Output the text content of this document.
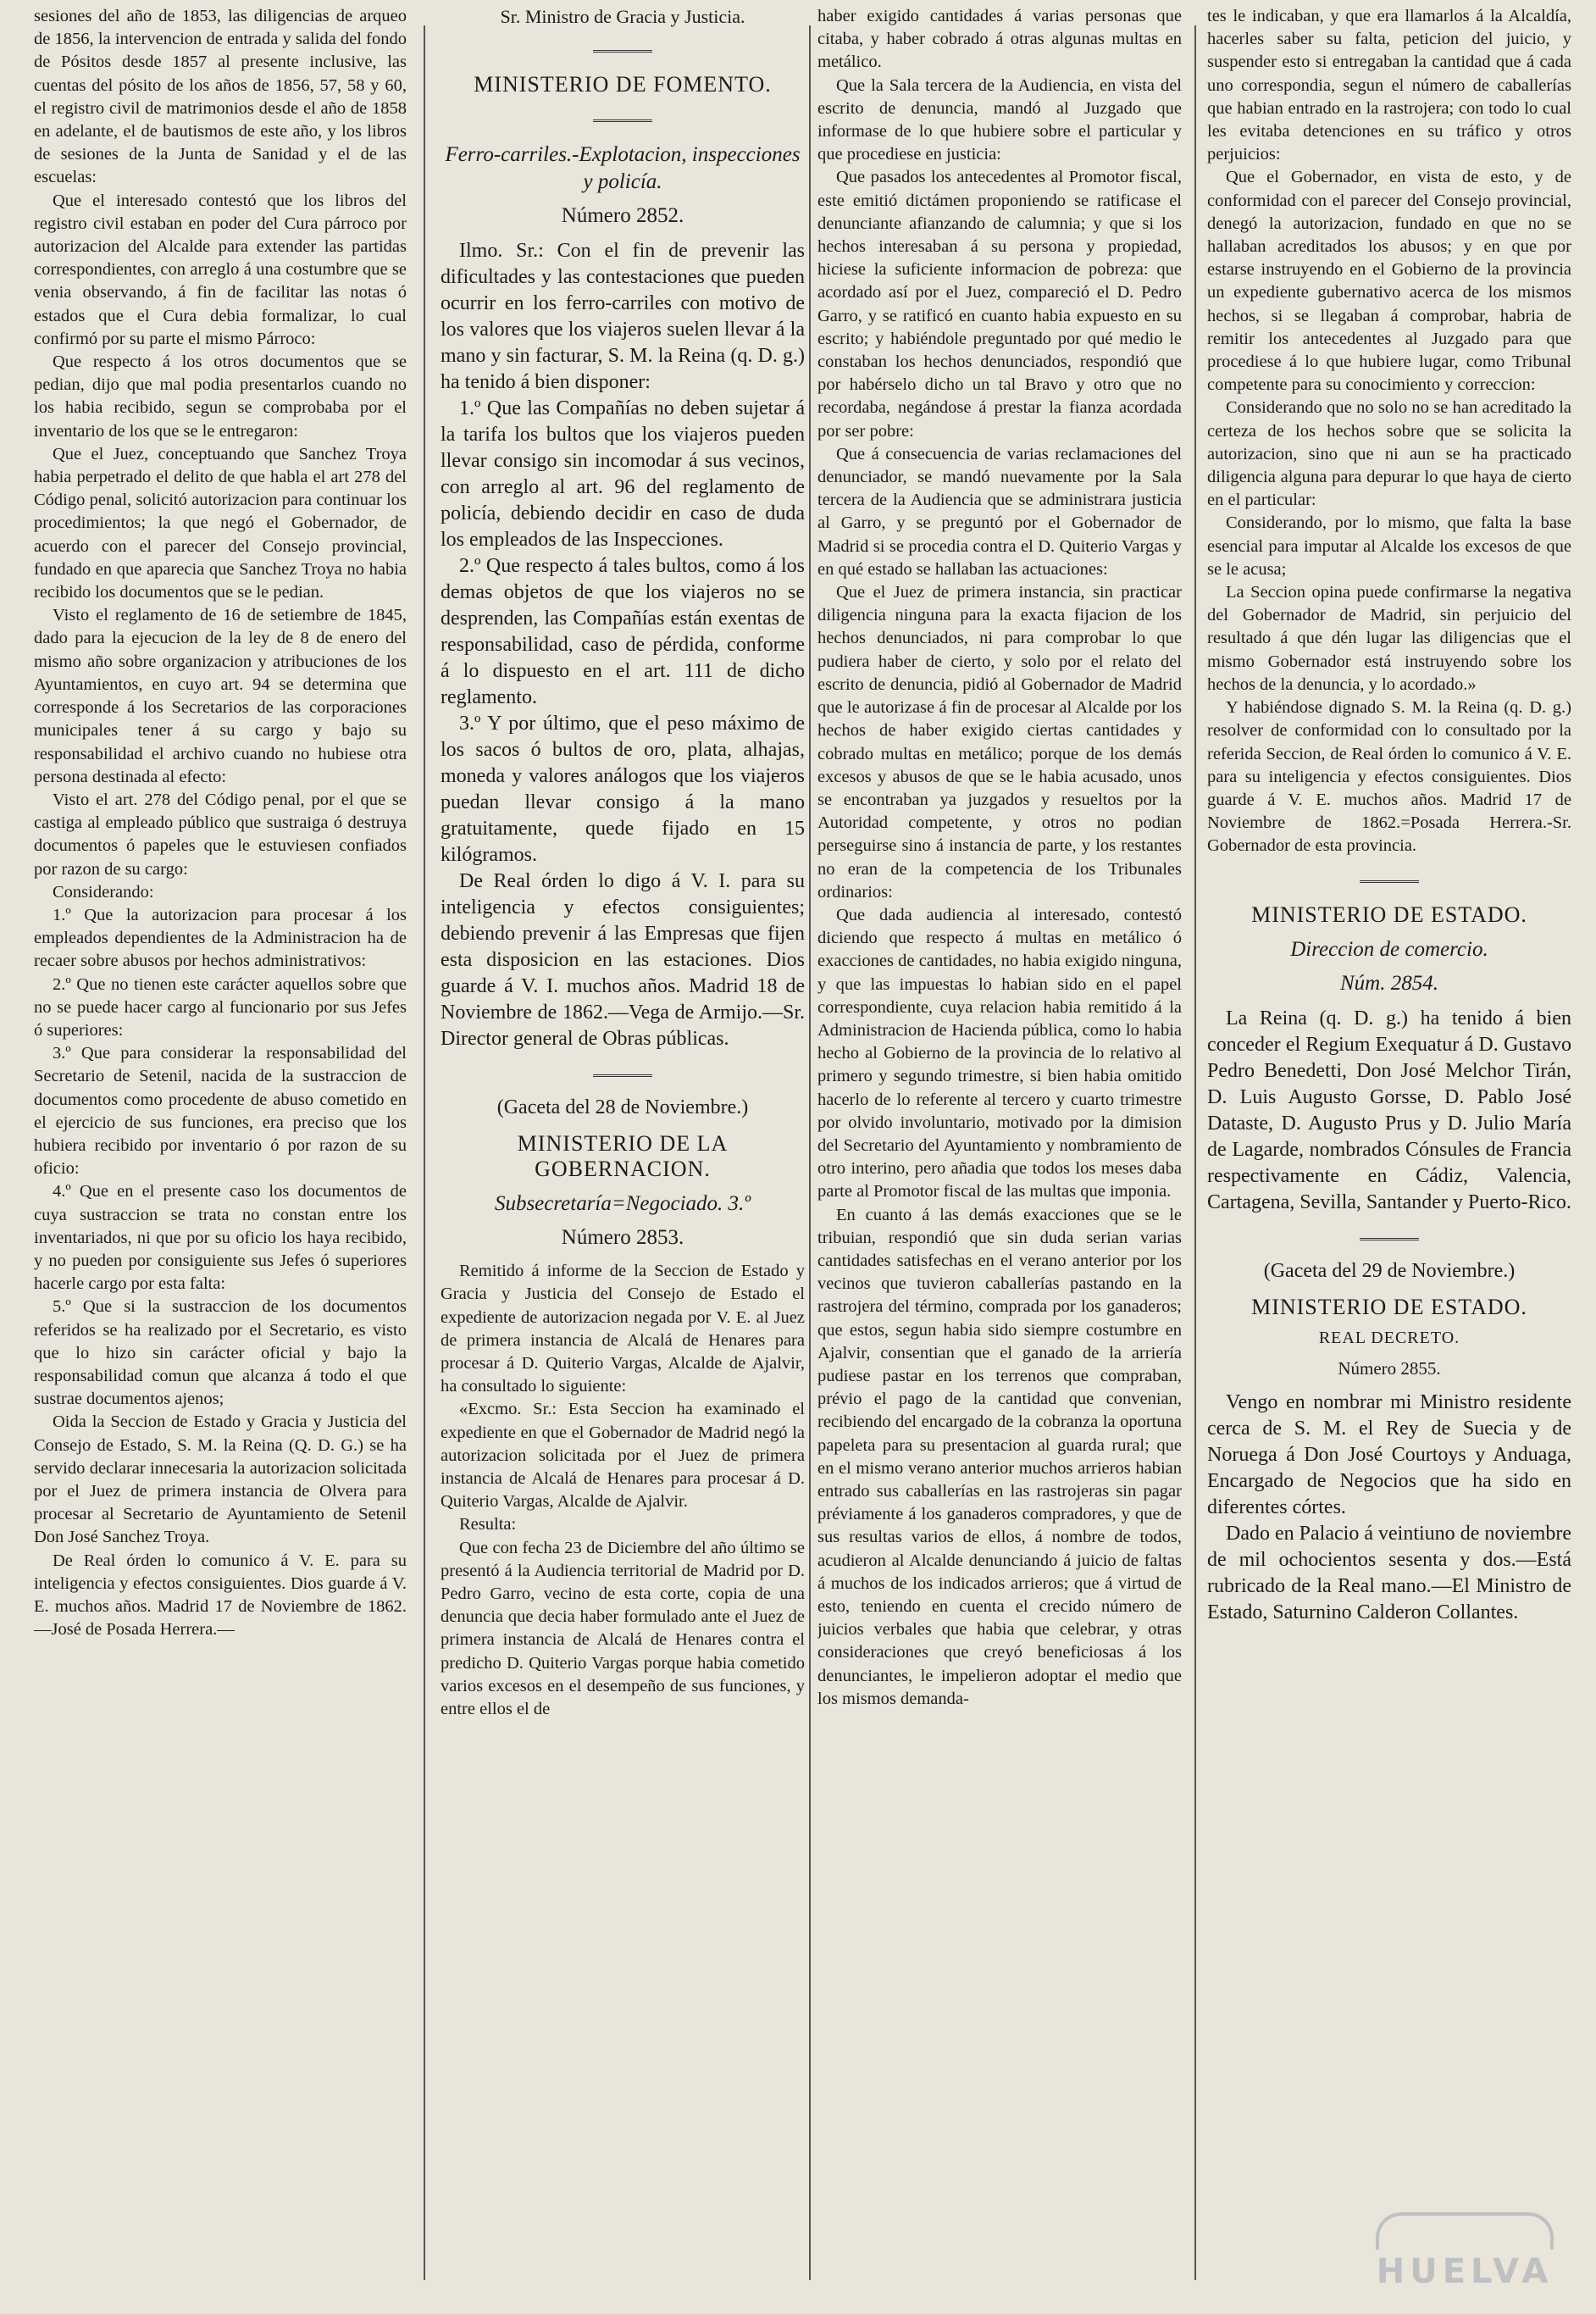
sesiones del año de 1853, las diligencias de arqueo de 1856, la intervencion de entrada y salida del fondo de Pósitos desde 1857 al presente inclusive, las cuentas del pósito de los años de 1856, 57, 58 y 60, el registro civil de matrimonios desde el año de 1858 en adelante, el de bautismos de este año, y los libros de sesiones de la Junta de Sanidad y el de las escuelas:

Que el interesado contestó que los libros del registro civil estaban en poder del Cura párroco por autorizacion del Alcalde para extender las partidas correspondientes, con arreglo á una costumbre que se venia observando, á fin de facilitar las notas ó estados que el Cura debia formalizar, lo cual confirmó por su parte el mismo Párroco:

Que respecto á los otros documentos que se pedian, dijo que mal podia presentarlos cuando no los habia recibido, segun se comprobaba por el inventario de los que se le entregaron:

Que el Juez, conceptuando que Sanchez Troya habia perpetrado el delito de que habla el art 278 del Código penal, solicitó autorizacion para continuar los procedimientos; la que negó el Gobernador, de acuerdo con el parecer del Consejo provincial, fundado en que aparecia que Sanchez Troya no habia recibido los documentos que se le pedian.

Visto el reglamento de 16 de setiembre de 1845, dado para la ejecucion de la ley de 8 de enero del mismo año sobre organizacion y atribuciones de los Ayuntamientos, en cuyo art. 94 se determina que corresponde á los Secretarios de las corporaciones municipales tener á su cargo y bajo su responsabilidad el archivo cuando no hubiese otra persona destinada al efecto:

Visto el art. 278 del Código penal, por el que se castiga al empleado público que sustraiga ó destruya documentos ó papeles que le estuviesen confiados por razon de su cargo:

Considerando:

1.º Que la autorizacion para procesar á los empleados dependientes de la Administracion ha de recaer sobre abusos por hechos administrativos:

2.º Que no tienen este carácter aquellos sobre que no se puede hacer cargo al funcionario por sus Jefes ó superiores:

3.º Que para considerar la responsabilidad del Secretario de Setenil, nacida de la sustraccion de documentos como procedente de abuso cometido en el ejercicio de sus funciones, era preciso que los hubiera recibido por inventario ó por razon de su oficio:

4.º Que en el presente caso los documentos de cuya sustraccion se trata no constan entre los inventariados, ni que por su oficio los haya recibido, y no pueden por consiguiente sus Jefes ó superiores hacerle cargo por esta falta:

5.º Que si la sustraccion de los documentos referidos se ha realizado por el Secretario, es visto que lo hizo sin carácter oficial y bajo la responsabilidad comun que alcanza á todo el que sustrae documentos ajenos;

Oida la Seccion de Estado y Gracia y Justicia del Consejo de Estado, S. M. la Reina (Q. D. G.) se ha servido declarar innecesaria la autorizacion solicitada por el Juez de primera instancia de Olvera para procesar al Secretario de Ayuntamiento de Setenil Don José Sanchez Troya.

De Real órden lo comunico á V. E. para su inteligencia y efectos consiguientes. Dios guarde á V. E. muchos años. Madrid 17 de Noviembre de 1862.—José de Posada Herrera.—

Sr. Ministro de Gracia y Justicia.

MINISTERIO DE FOMENTO.
Ferro-carriles.-Explotacion, inspecciones y policía.
Número 2852.

Ilmo. Sr.: Con el fin de prevenir las dificultades y las contestaciones que pueden ocurrir en los ferro-carriles con motivo de los valores que los viajeros suelen llevar á la mano y sin facturar, S. M. la Reina (q. D. g.) ha tenido á bien disponer:

1.º Que las Compañías no deben sujetar á la tarifa los bultos que los viajeros pueden llevar consigo sin incomodar á sus vecinos, con arreglo al art. 96 del reglamento de policía, debiendo decidir en caso de duda los empleados de las Inspecciones.

2.º Que respecto á tales bultos, como á los demas objetos de que los viajeros no se desprenden, las Compañías están exentas de responsabilidad, caso de pérdida, conforme á lo dispuesto en el art. 111 de dicho reglamento.

3.º Y por último, que el peso máximo de los sacos ó bultos de oro, plata, alhajas, moneda y valores análogos que los viajeros puedan llevar consigo á la mano gratuitamente, quede fijado en 15 kilógramos.

De Real órden lo digo á V. I. para su inteligencia y efectos consiguientes; debiendo prevenir á las Empresas que fijen esta disposicion en las estaciones. Dios guarde á V. I. muchos años. Madrid 18 de Noviembre de 1862.—Vega de Armijo.—Sr. Director general de Obras públicas.

(Gaceta del 28 de Noviembre.)
MINISTERIO DE LA GOBERNACION.
Subsecretaría=Negociado. 3.º
Número 2853.

Remitido á informe de la Seccion de Estado y Gracia y Justicia del Consejo de Estado el expediente de autorizacion negada por V. E. al Juez de primera instancia de Alcalá de Henares para procesar á D. Quiterio Vargas, Alcalde de Ajalvir, ha consultado lo siguiente:

«Excmo. Sr.: Esta Seccion ha examinado el expediente en que el Gobernador de Madrid negó la autorizacion solicitada por el Juez de primera instancia de Alcalá de Henares para procesar á D. Quiterio Vargas, Alcalde de Ajalvir.

Resulta:

Que con fecha 23 de Diciembre del año último se presentó á la Audiencia territorial de Madrid por D. Pedro Garro, vecino de esta corte, copia de una denuncia que decia haber formulado ante el Juez de primera instancia de Alcalá de Henares contra el predicho D. Quiterio Vargas porque habia cometido varios excesos en el desempeño de sus funciones, y entre ellos el de

haber exigido cantidades á varias personas que citaba, y haber cobrado á otras algunas multas en metálico.

Que la Sala tercera de la Audiencia, en vista del escrito de denuncia, mandó al Juzgado que informase de lo que hubiere sobre el particular y que procediese en justicia:

Que pasados los antecedentes al Promotor fiscal, este emitió dictámen proponiendo se ratificase el denunciante afianzando de calumnia; y que si los hechos interesaban á su persona y propiedad, hiciese la suficiente informacion de pobreza: que acordado así por el Juez, compareció el D. Pedro Garro, y se ratificó en cuanto habia expuesto en su escrito; y habiéndole preguntado por qué medio le constaban los hechos denunciados, respondió que por habérselo dicho un tal Bravo y otro que no recordaba, negándose á prestar la fianza acordada por ser pobre:

Que á consecuencia de varias reclamaciones del denunciador, se mandó nuevamente por la Sala tercera de la Audiencia que se administrara justicia al Garro, y se preguntó por el Gobernador de Madrid si se procedia contra el D. Quiterio Vargas y en qué estado se hallaban las actuaciones:

Que el Juez de primera instancia, sin practicar diligencia ninguna para la exacta fijacion de los hechos denunciados, ni para comprobar lo que pudiera haber de cierto, y solo por el relato del escrito de denuncia, pidió al Gobernador de Madrid que le autorizase á fin de procesar al Alcalde por los hechos de haber exigido ciertas cantidades y cobrado multas en metálico; porque de los demás excesos y abusos de que se le habia acusado, unos se encontraban ya juzgados y resueltos por la Autoridad competente, y otros no podian perseguirse sino á instancia de parte, y los restantes no eran de la competencia de los Tribunales ordinarios:

Que dada audiencia al interesado, contestó diciendo que respecto á multas en metálico ó exacciones de cantidades, no habia exigido ninguna, y que las impuestas lo habian sido en el papel correspondiente, cuya relacion habia remitido á la Administracion de Hacienda pública, como lo habia hecho al Gobierno de la provincia de lo relativo al primero y segundo trimestre, si bien habia omitido hacerlo de lo referente al tercero y cuarto trimestre por olvido involuntario, motivado por la dimision del Secretario del Ayuntamiento y nombramiento de otro interino, pero añadia que todos los meses daba parte al Promotor fiscal de las multas que imponia.

En cuanto á las demás exacciones que se le tribuian, respondió que sin duda serian varias cantidades satisfechas en el verano anterior por los vecinos que tuvieron caballerías pastando en la rastrojera del término, comprada por los ganaderos; que estos, segun habia sido siempre costumbre en Ajalvir, consentian que el ganado de la arriería pudiese pastar en los terrenos que compraban, prévio el pago de la cantidad que convenian, recibiendo del encargado de la cobranza la oportuna papeleta para su presentacion al guarda rural; que en el mismo verano anterior muchos arrieros habian entrado sus caballerías en las rastrojeras sin pagar préviamente á los ganaderos compradores, y que de sus resultas varios de ellos, á nombre de todos, acudieron al Alcalde denunciando á juicio de faltas á muchos de los indicados arrieros; que á virtud de esto, teniendo en cuenta el crecido número de juicios verbales que habia que celebrar, y otras consideraciones que creyó beneficiosas á los denunciantes, le impelieron adoptar el medio que los mismos demanda-

tes le indicaban, y que era llamarlos á la Alcaldía, hacerles saber su falta, peticion del juicio, y suspender esto si entregaban la cantidad que á cada uno correspondia, segun el número de caballerías que habian entrado en la rastrojera; con todo lo cual les evitaba detenciones en su tráfico y otros perjuicios:

Que el Gobernador, en vista de esto, y de conformidad con el parecer del Consejo provincial, denegó la autorizacion, fundado en que no se hallaban acreditados los abusos; y en que por estarse instruyendo en el Gobierno de la provincia un expediente gubernativo acerca de los mismos hechos, si se llegaban á comprobar, habria de remitir los antecedentes al Juzgado para que procediese á lo que hubiere lugar, como Tribunal competente para su conocimiento y correccion:

Considerando que no solo no se han acreditado la certeza de los hechos sobre que se solicita la autorizacion, sino que ni aun se ha practicado diligencia alguna para depurar lo que haya de cierto en el particular:

Considerando, por lo mismo, que falta la base esencial para imputar al Alcalde los excesos de que se le acusa;

La Seccion opina puede confirmarse la negativa del Gobernador de Madrid, sin perjuicio del resultado á que dén lugar las diligencias que el mismo Gobernador está instruyendo sobre los hechos de la denuncia, y lo acordado.»

Y habiéndose dignado S. M. la Reina (q. D. g.) resolver de conformidad con lo consultado por la referida Seccion, de Real órden lo comunico á V. E. para su inteligencia y efectos consiguientes. Dios guarde á V. E. muchos años. Madrid 17 de Noviembre de 1862.=Posada Herrera.-Sr. Gobernador de esta provincia.

MINISTERIO DE ESTADO.
Direccion de comercio.
Núm. 2854.

La Reina (q. D. g.) ha tenido á bien conceder el Regium Exequatur á D. Gustavo Pedro Benedetti, Don José Melchor Tirán, D. Luis Augusto Gorsse, D. Pablo José Dataste, D. Augusto Prus y D. Julio María de Lagarde, nombrados Cónsules de Francia respectivamente en Cádiz, Valencia, Cartagena, Sevilla, Santander y Puerto-Rico.

(Gaceta del 29 de Noviembre.)
MINISTERIO DE ESTADO.
REAL DECRETO.
Número 2855.

Vengo en nombrar mi Ministro residente cerca de S. M. el Rey de Suecia y de Noruega á Don José Courtoys y Anduaga, Encargado de Negocios que ha sido en diferentes córtes.

Dado en Palacio á veintiuno de noviembre de mil ochocientos sesenta y dos.—Está rubricado de la Real mano.—El Ministro de Estado, Saturnino Calderon Collantes.

HUELVA
